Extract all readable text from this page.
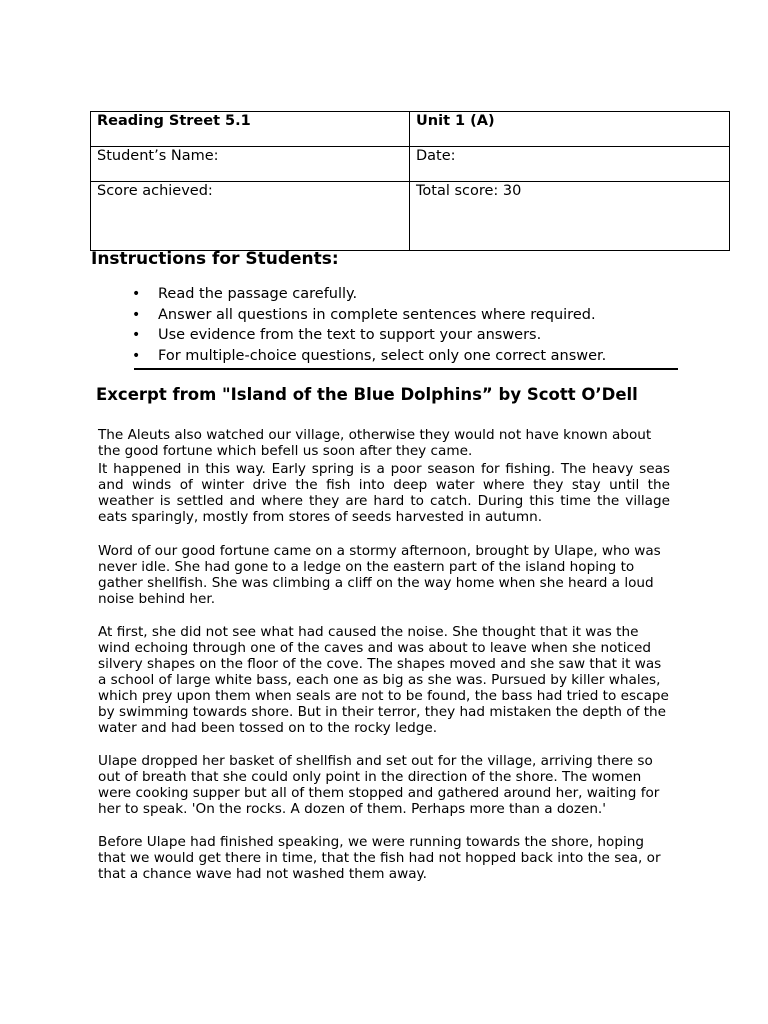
Reading Street 5.1	Unit 1 (A)
Student’s Name:	Date:
Score achieved:	Total score: 30
Instructions for Students:
• Read the passage carefully.
• Answer all questions in complete sentences where required.
• Use evidence from the text to support your answers.
• For multiple-choice questions, select only one correct answer.
Excerpt from "Island of the Blue Dolphins” by Scott O’Dell

The Aleuts also watched our village, otherwise they would not have known about the good fortune which befell us soon after they came.

It happened in this way. Early spring is a poor season for fishing. The heavy seas and winds of winter drive the fish into deep water where they stay until the weather is settled and where they are hard to catch. During this time the village eats sparingly, mostly from stores of seeds harvested in autumn.

Word of our good fortune came on a stormy afternoon, brought by Ulape, who was never idle. She had gone to a ledge on the eastern part of the island hoping to gather shellfish. She was climbing a cliff on the way home when she heard a loud noise behind her.

At first, she did not see what had caused the noise. She thought that it was the wind echoing through one of the caves and was about to leave when she noticed silvery shapes on the floor of the cove. The shapes moved and she saw that it was a school of large white bass, each one as big as she was. Pursued by killer whales, which prey upon them when seals are not to be found, the bass had tried to escape by swimming towards shore. But in their terror, they had mistaken the depth of the water and had been tossed on to the rocky ledge.

Ulape dropped her basket of shellfish and set out for the village, arriving there so out of breath that she could only point in the direction of the shore. The women were cooking supper but all of them stopped and gathered around her, waiting for her to speak. 'On the rocks. A dozen of them. Perhaps more than a dozen.'

Before Ulape had finished speaking, we were running towards the shore, hoping that we would get there in time, that the fish had not hopped back into the sea, or that a chance wave had not washed them away.
